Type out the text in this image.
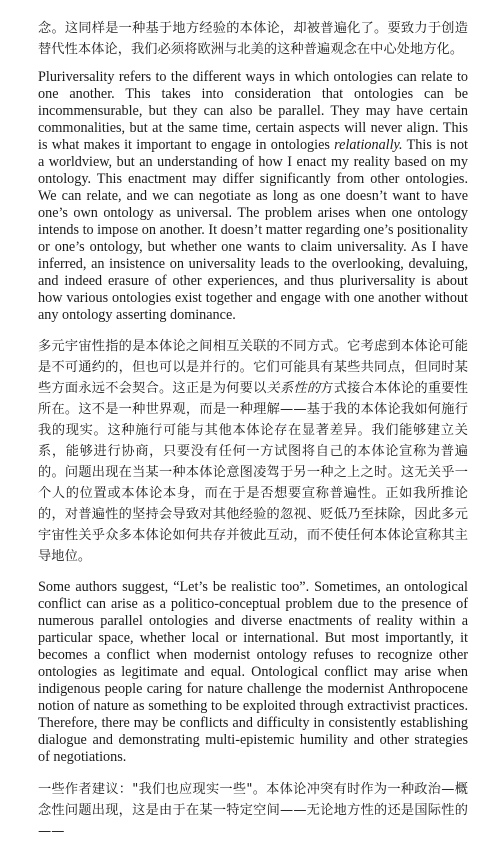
念。这同样是一种基于地方经验的本体论，却被普遍化了。要致力于创造替代性本体论，我们必须将欧洲与北美的这种普遍观念在中心处地方化。

Pluriversality refers to the different ways in which ontologies can relate to one another. This takes into consideration that ontologies can be incommensurable, but they can also be parallel. They may have certain commonalities, but at the same time, certain aspects will never align. This is what makes it important to engage in ontologies relationally. This is not a worldview, but an understanding of how I enact my reality based on my ontology. This enactment may differ significantly from other ontologies. We can relate, and we can negotiate as long as one doesn’t want to have one’s own ontology as universal. The problem arises when one ontology intends to impose on another. It doesn’t matter regarding one’s positionality or one’s ontology, but whether one wants to claim universality. As I have inferred, an insistence on universality leads to the overlooking, devaluing, and indeed erasure of other experiences, and thus pluriversality is about how various ontologies exist together and engage with one another without any ontology asserting dominance.

多元宇宙性指的是本体论之间相互关联的不同方式。它考虑到本体论可能是不可通约的，但也可以是并行的。它们可能具有某些共同点，但同时某些方面永远不会契合。这正是为何要以关系性的方式接合本体论的重要性所在。这不是一种世界观，而是一种理解——基于我的本体论我如何施行我的现实。这种施行可能与其他本体论存在显著差异。我们能够建立关系，能够进行协商，只要没有任何一方试图将自己的本体论宣称为普遍的。问题出现在当某一种本体论意图凌驾于另一种之上之时。这无关乎一个人的位置或本体论本身，而在于是否想要宣称普遍性。正如我所推论的，对普遍性的坚持会导致对其他经验的忽视、贬低乃至抹除，因此多元宇宙性关乎众多本体论如何共存并彼此互动，而不使任何本体论宣称其主导地位。

Some authors suggest, “Let’s be realistic too”. Sometimes, an ontological conflict can arise as a politico-conceptual problem due to the presence of numerous parallel ontologies and diverse enactments of reality within a particular space, whether local or international. But most importantly, it becomes a conflict when modernist ontology refuses to recognize other ontologies as legitimate and equal. Ontological conflict may arise when indigenous people caring for nature challenge the modernist Anthropocene notion of nature as something to be exploited through extractivist practices. Therefore, there may be conflicts and difficulty in consistently establishing dialogue and demonstrating multi-epistemic humility and other strategies of negotiations.

一些作者建议："我们也应现实一些"。本体论冲突有时作为一种政治—概念性问题出现，这是由于在某一特定空间——无论地方性的还是国际性的——
